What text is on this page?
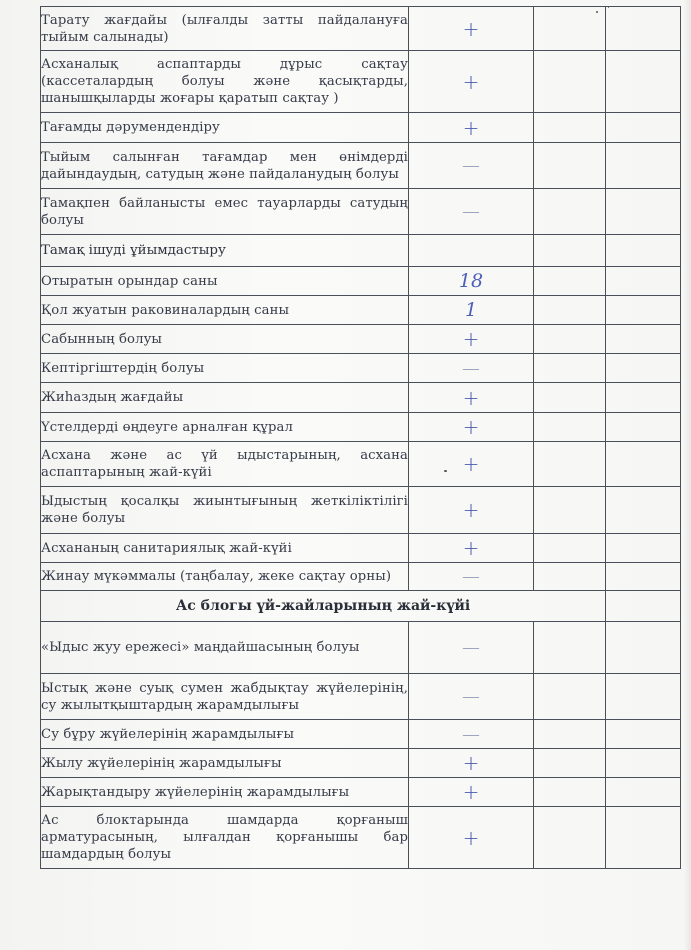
Тарату жағдайы (ылғалды затты пайдалануға тыйым салынады)	+		
Асханалық аспаптарды дұрыс сақтау (кассеталардың болуы және қасықтарды, шанышқыларды жоғары қаратып сақтау )	+		
Тағамды дәрумендендіру	+		
Тыйым салынған тағамдар мен өнімдерді дайындаудың, сатудың және пайдаланудың болуы	—		
Тамақпен байланысты емес тауарларды сатудың болуы	—		
Тамақ ішуді ұйымдастыру			
Отыратын орындар саны	18		
Қол жуатын раковиналардың саны	1		
Сабынның болуы	+		
Кептіргіштердің болуы	—		
Жиһаздың жағдайы	+		
Үстелдерді өңдеуге арналған құрал	+		
Асхана және ас үй ыдыстарының, асхана аспаптарының жай-күйі	+		
Ыдыстың қосалқы жиынтығының жеткіліктілігі және болуы	+		
Асхананың санитариялық жай-күйі	+		
Жинау мүкәммалы (таңбалау, жеке сақтау орны)	—		
Ас блогы үй-жайларының жай-күйі			
«Ыдыс жуу ережесі» маңдайшасының болуы	—		
Ыстық және суық сумен жабдықтау жүйелерінің, су жылытқыштардың жарамдылығы	—		
Су бұру жүйелерінің жарамдылығы	—		
Жылу жүйелерінің жарамдылығы	+		
Жарықтандыру жүйелерінің жарамдылығы	+		
Ас блоктарында шамдарда қорғаныш арматурасының, ылғалдан қорғанышы бар шамдардың болуы	+		
